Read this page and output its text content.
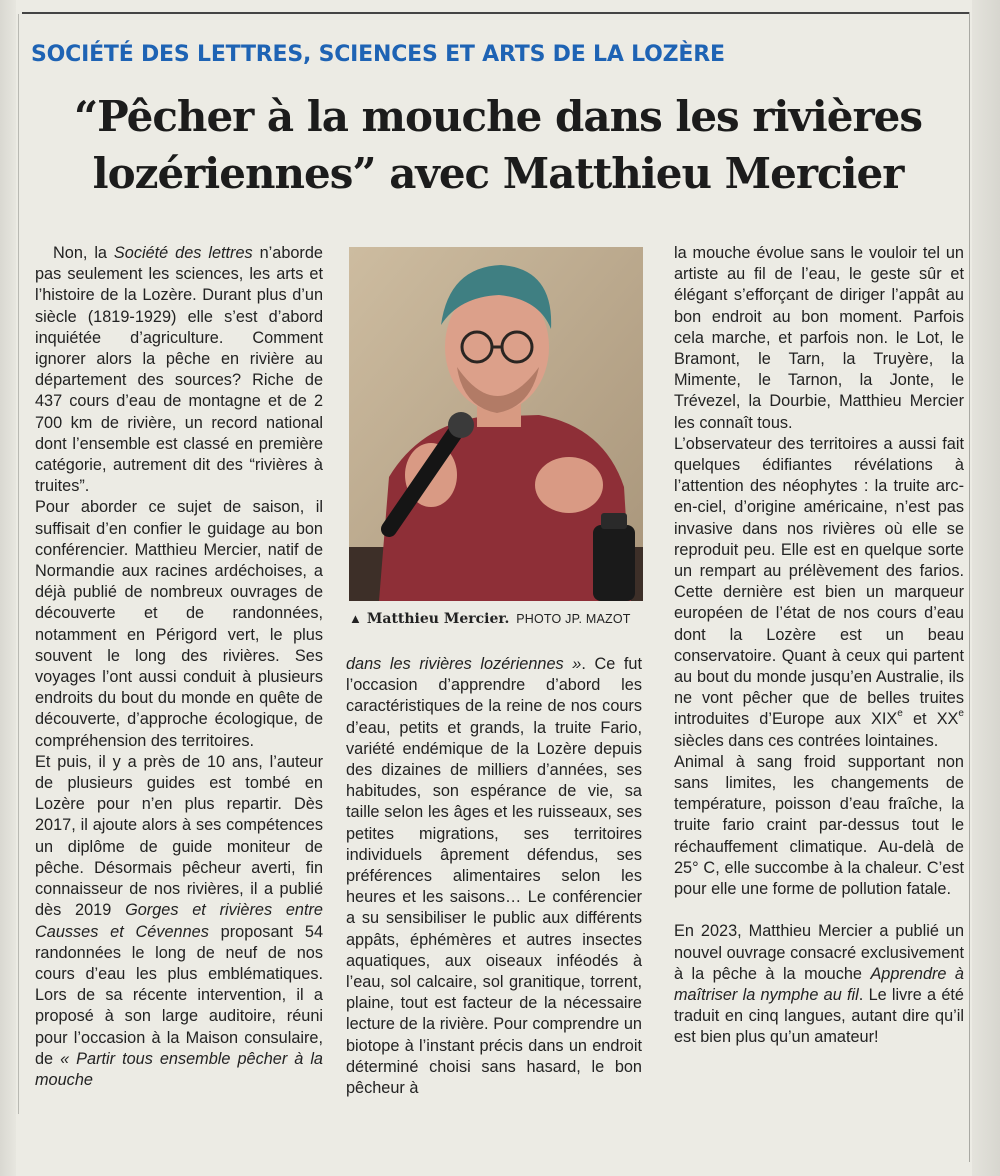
SOCIÉTÉ DES LETTRES, SCIENCES ET ARTS DE LA LOZÈRE
“Pêcher à la mouche dans les rivières lozériennes” avec Matthieu Mercier

Non, la Société des lettres n’aborde pas seulement les sciences, les arts et l’histoire de la Lozère. Durant plus d’un siècle (1819-1929) elle s’est d’abord inquiétée d’agriculture. Comment ignorer alors la pêche en rivière au département des sources? Riche de 437 cours d’eau de montagne et de 2 700 km de rivière, un record national dont l’ensemble est classé en première catégorie, autrement dit des “rivières à truites”.

Pour aborder ce sujet de saison, il suffisait d’en confier le guidage au bon conférencier. Matthieu Mercier, natif de Normandie aux racines ardéchoises, a déjà publié de nombreux ouvrages de découverte et de randonnées, notamment en Périgord vert, le plus souvent le long des rivières. Ses voyages l’ont aussi conduit à plusieurs endroits du bout du monde en quête de découverte, d’approche écologique, de compréhension des territoires.

Et puis, il y a près de 10 ans, l’auteur de plusieurs guides est tombé en Lozère pour n’en plus repartir. Dès 2017, il ajoute alors à ses compétences un diplôme de guide moniteur de pêche. Désormais pêcheur averti, fin connaisseur de nos rivières, il a publié dès 2019 Gorges et rivières entre Causses et Cévennes proposant 54 randonnées le long de neuf de nos cours d’eau les plus emblématiques. Lors de sa récente intervention, il a proposé à son large auditoire, réuni pour l’occasion à la Maison consulaire, de « Partir tous ensemble pêcher à la mouche

▲ Matthieu Mercier. PHOTO JP. MAZOT

dans les rivières lozériennes ». Ce fut l’occasion d’apprendre d’abord les caractéristiques de la reine de nos cours d’eau, petits et grands, la truite Fario, variété endémique de la Lozère depuis des dizaines de milliers d’années, ses habitudes, son espérance de vie, sa taille selon les âges et les ruisseaux, ses petites migrations, ses territoires individuels âprement défendus, ses préférences alimentaires selon les heures et les saisons… Le conférencier a su sensibiliser le public aux différents appâts, éphémères et autres insectes aquatiques, aux oiseaux inféodés à l’eau, sol calcaire, sol granitique, torrent, plaine, tout est facteur de la nécessaire lecture de la rivière. Pour comprendre un biotope à l’instant précis dans un endroit déterminé choisi sans hasard, le bon pêcheur à

la mouche évolue sans le vouloir tel un artiste au fil de l’eau, le geste sûr et élégant s’efforçant de diriger l’appât au bon endroit au bon moment. Parfois cela marche, et parfois non. le Lot, le Bramont, le Tarn, la Truyère, la Mimente, le Tarnon, la Jonte, le Trévezel, la Dourbie, Matthieu Mercier les connaît tous.

L’observateur des territoires a aussi fait quelques édifiantes révélations à l’attention des néophytes : la truite arc-en-ciel, d’origine américaine, n’est pas invasive dans nos rivières où elle se reproduit peu. Elle est en quelque sorte un rempart au prélèvement des farios. Cette dernière est bien un marqueur européen de l’état de nos cours d’eau dont la Lozère est un beau conservatoire. Quant à ceux qui partent au bout du monde jusqu’en Australie, ils ne vont pêcher que de belles truites introduites d’Europe aux XIXe et XXe siècles dans ces contrées lointaines.

Animal à sang froid supportant non sans limites, les changements de température, poisson d’eau fraîche, la truite fario craint par-dessus tout le réchauffement climatique. Au-delà de 25° C, elle succombe à la chaleur. C’est pour elle une forme de pollution fatale.

En 2023, Matthieu Mercier a publié un nouvel ouvrage consacré exclusivement à la pêche à la mouche Apprendre à maîtriser la nymphe au fil. Le livre a été traduit en cinq langues, autant dire qu’il est bien plus qu’un amateur!
